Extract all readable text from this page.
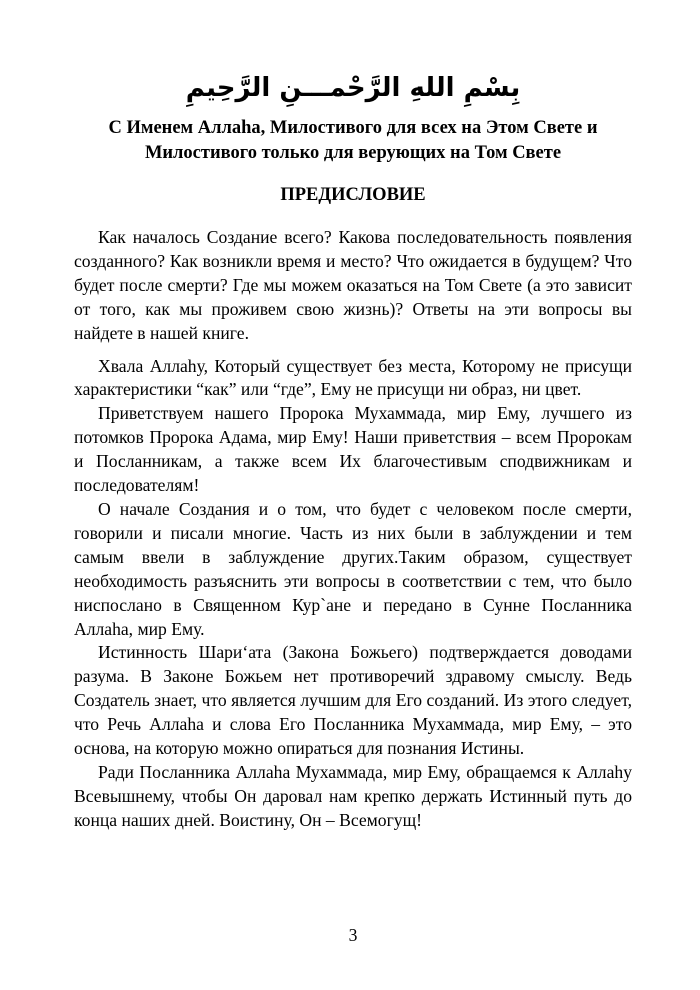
بِسْمِ اللهِ الرَّحْمـــنِ الرَّحِيمِ
С Именем Аллаhа, Милостивого для всех на Этом Свете и
Милостивого только для верующих на Том Свете
ПРЕДИСЛОВИЕ

Как началось Создание всего? Какова последовательность появления созданного? Как возникли время и место? Что ожидается в будущем? Что будет после смерти? Где мы можем оказаться на Том Свете (а это зависит от того, как мы проживем свою жизнь)? Ответы на эти вопросы вы найдете в нашей книге.

Хвала Аллаhу, Который существует без места, Которому не присущи характеристики “как” или “где”, Ему не присущи ни образ, ни цвет.

Приветствуем нашего Пророка Мухаммада, мир Ему, лучшего из потомков Пророка Адама, мир Ему! Наши приветствия – всем Пророкам и Посланникам, а также всем Их благочестивым сподвижникам и последователям!

О начале Создания и о том, что будет с человеком после смерти, говорили и писали многие. Часть из них были в заблуждении и тем самым ввели в заблуждение других.Таким образом, существует необходимость разъяснить эти вопросы в соответствии с тем, что было ниспослано в Священном Кур`ане и передано в Сунне Посланника Аллаhа, мир Ему.

Истинность Шари‘ата (Закона Божьего) подтверждается доводами разума. В Законе Божьем нет противоречий здравому смыслу. Ведь Создатель знает, что является лучшим для Его созданий. Из этого следует, что Речь Аллаhа и слова Его Посланника Мухаммада, мир Ему, – это основа, на которую можно опираться для познания Истины.

Ради Посланника Аллаhа Мухаммада, мир Ему, обращаемся к Аллаhу Всевышнему, чтобы Он даровал нам крепко держать Истинный путь до конца наших дней. Воистину, Он – Всемогущ!

3
